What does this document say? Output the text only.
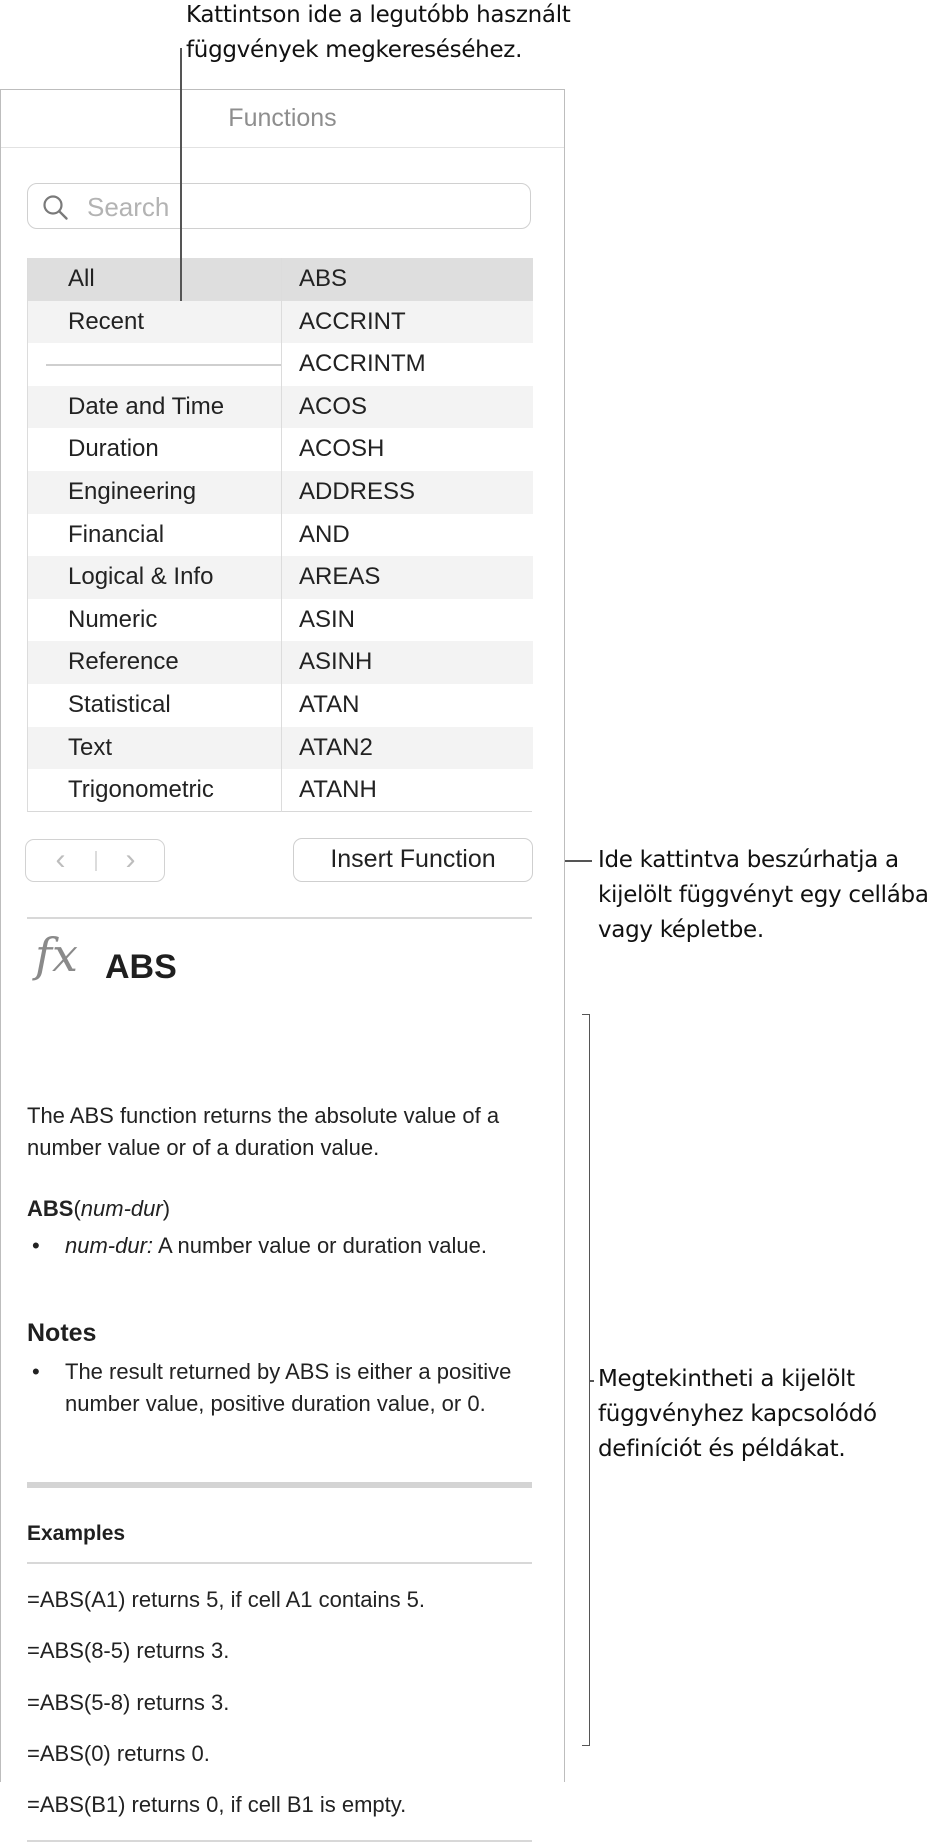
Kattintson ide a legutóbb használt
függvények megkereséséhez.
Ide kattintva beszúrhatja a
kijelölt függvényt egy cellába
vagy képletbe.
Megtekintheti a kijelölt
függvényhez kapcsolódó
definíciót és példákat.
Functions
Search
All
Recent
Date and Time
Duration
Engineering
Financial
Logical & Info
Numeric
Reference
Statistical
Text
Trigonometric
ABS
ACCRINT
ACCRINTM
ACOS
ACOSH
ADDRESS
AND
AREAS
ASIN
ASINH
ATAN
ATAN2
ATANH
‹	›	Insert Function
fx ABS
The ABS function returns the absolute value of a number value or of a duration value.
ABS(num-dur)
• num-dur: A number value or duration value.
Notes
• The result returned by ABS is either a positive number value, positive duration value, or 0.
Examples
=ABS(A1) returns 5, if cell A1 contains 5.
=ABS(8-5) returns 3.
=ABS(5-8) returns 3.
=ABS(0) returns 0.
=ABS(B1) returns 0, if cell B1 is empty.
